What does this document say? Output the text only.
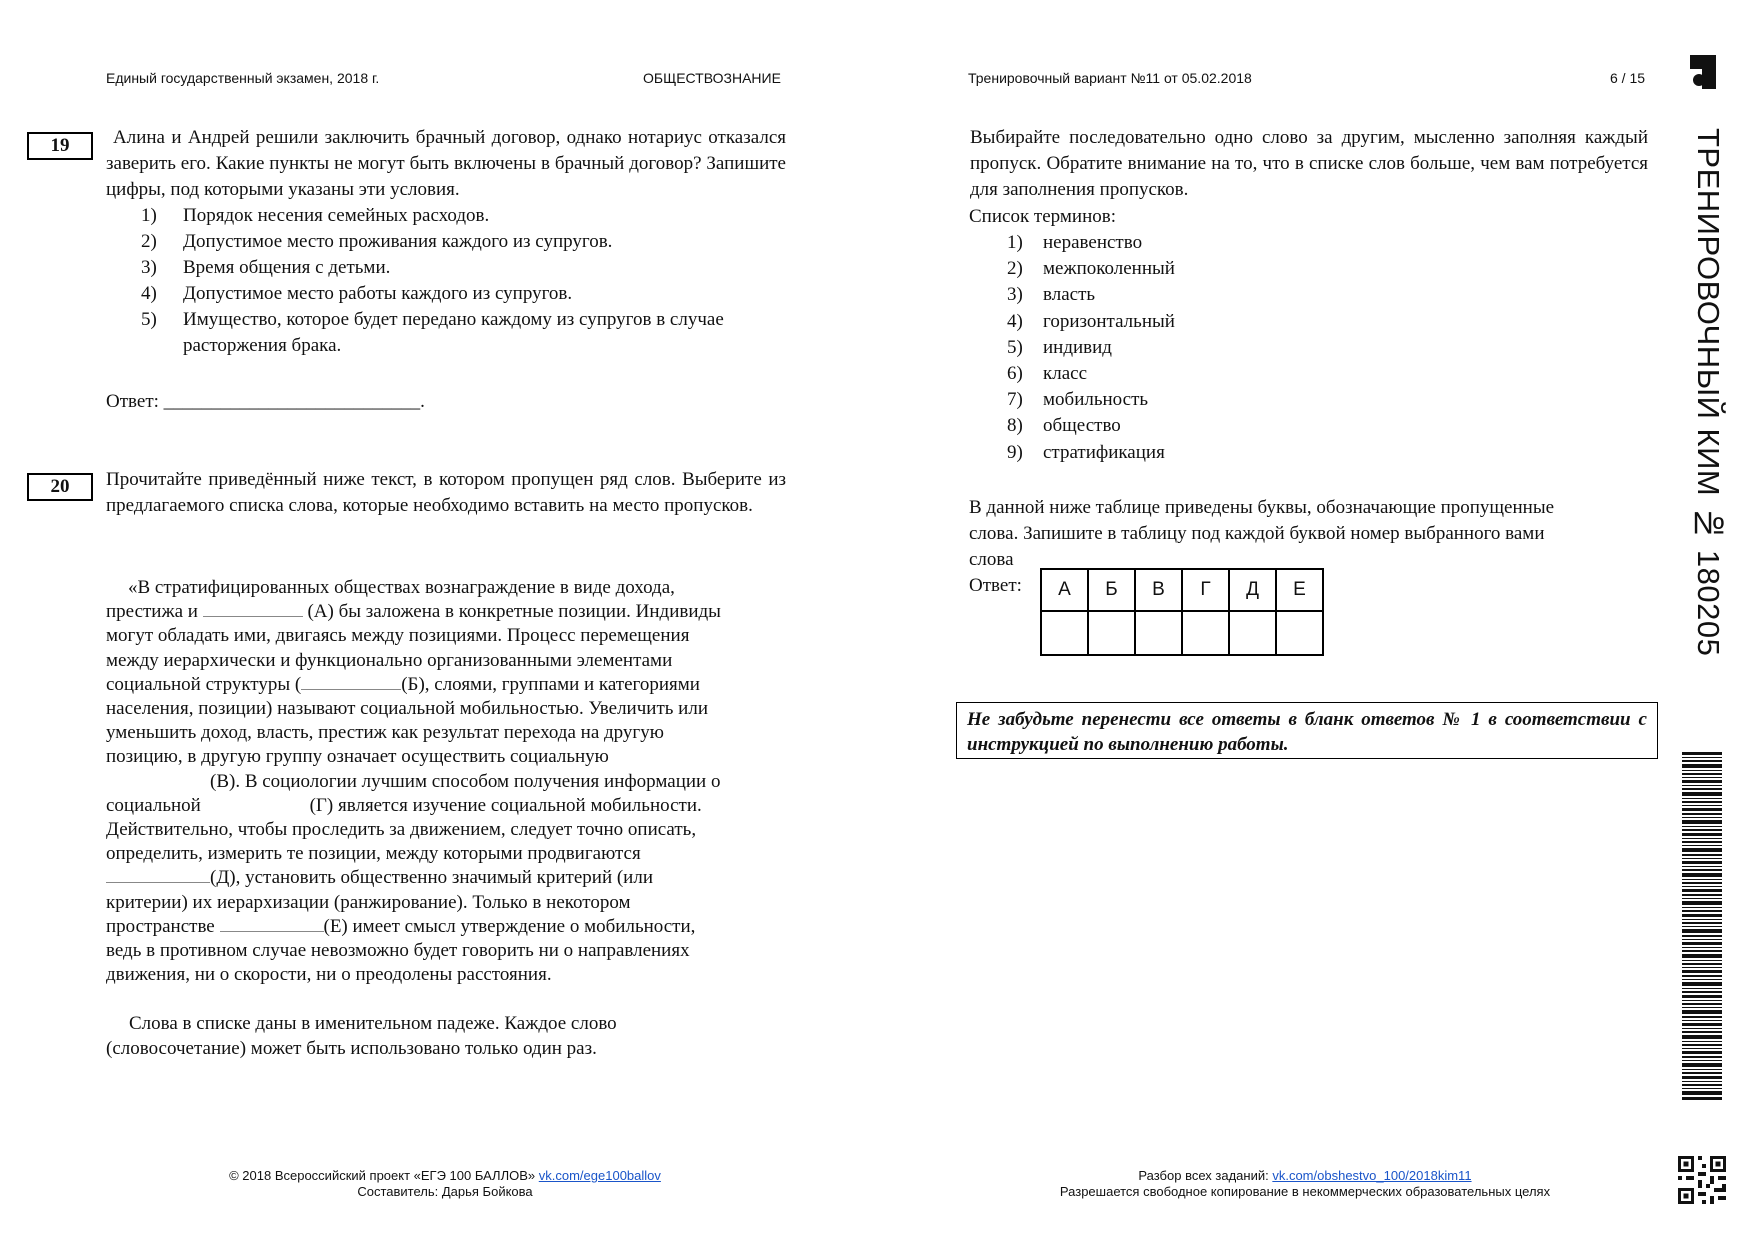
Единый государственный экзамен, 2018 г.	ОБЩЕСТВОЗНАНИЕ	Тренировочный вариант №11 от 05.02.2018	6 / 15
ТРЕНИРОВОЧНЫЙ КИМ № 180205
19	Алина и Андрей решили заключить брачный договор, однако нотариус отказался заверить его. Какие пункты не могут быть включены в брачный договор? Запишите цифры, под которыми указаны эти условия.
1) Порядок несения семейных расходов.
2) Допустимое место проживания каждого из супругов.
3) Время общения с детьми.
4) Допустимое место работы каждого из супругов.
5) Имущество, которое будет передано каждому из супругов в случае расторжения брака.
Ответ: ___________________________.
20	Прочитайте приведённый ниже текст, в котором пропущен ряд слов. Выберите из предлагаемого списка слова, которые необходимо вставить на место пропусков.
«В стратифицированных обществах вознаграждение в виде дохода,
престижа и	(А) бы заложена в конкретные позиции. Индивиды
могут обладать ими, двигаясь между позициями. Процесс перемещения
между иерархически и функционально организованными элементами
социальной структуры (	(Б), слоями, группами и категориями
населения, позиции) называют социальной мобильностью. Увеличить или
уменьшить доход, власть, престиж как результат перехода на другую
позицию, в другую группу означает осуществить социальную
(В). В социологии лучшим способом получения информации о
социальной	(Г) является изучение социальной мобильности.
Действительно, чтобы проследить за движением, следует точно описать,
определить, измерить те позиции, между которыми продвигаются
(Д), установить общественно значимый критерий (или
критерии) их иерархизации (ранжирование). Только в некотором
пространстве	(Е) имеет смысл утверждение о мобильности,
ведь в противном случае невозможно будет говорить ни о направлениях
движения, ни о скорости, ни о преодолены расстояния.
Слова в списке даны в именительном падеже. Каждое слово
(словосочетание) может быть использовано только один раз.
Выбирайте последовательно одно слово за другим, мысленно заполняя каждый пропуск. Обратите внимание на то, что в списке слов больше, чем вам потребуется для заполнения пропусков.
Список терминов:
1) неравенство
2) межпоколенный
3) власть
4) горизонтальный
5) индивид
6) класс
7) мобильность
8) общество
9) стратификация
В данной ниже таблице приведены буквы, обозначающие пропущенные
слова. Запишите в таблицу под каждой буквой номер выбранного вами
слова
Ответ: А	Б	В	Г	Д	Е

Не забудьте перенести все ответы в бланк ответов № 1 в соответствии с инструкцией по выполнению работы.
© 2018 Всероссийский проект «ЕГЭ 100 БАЛЛОВ» vk.com/ege100ballov
Составитель: Дарья Бойкова
Разбор всех заданий: vk.com/obshestvo_100/2018kim11
Разрешается свободное копирование в некоммерческих образовательных целях
